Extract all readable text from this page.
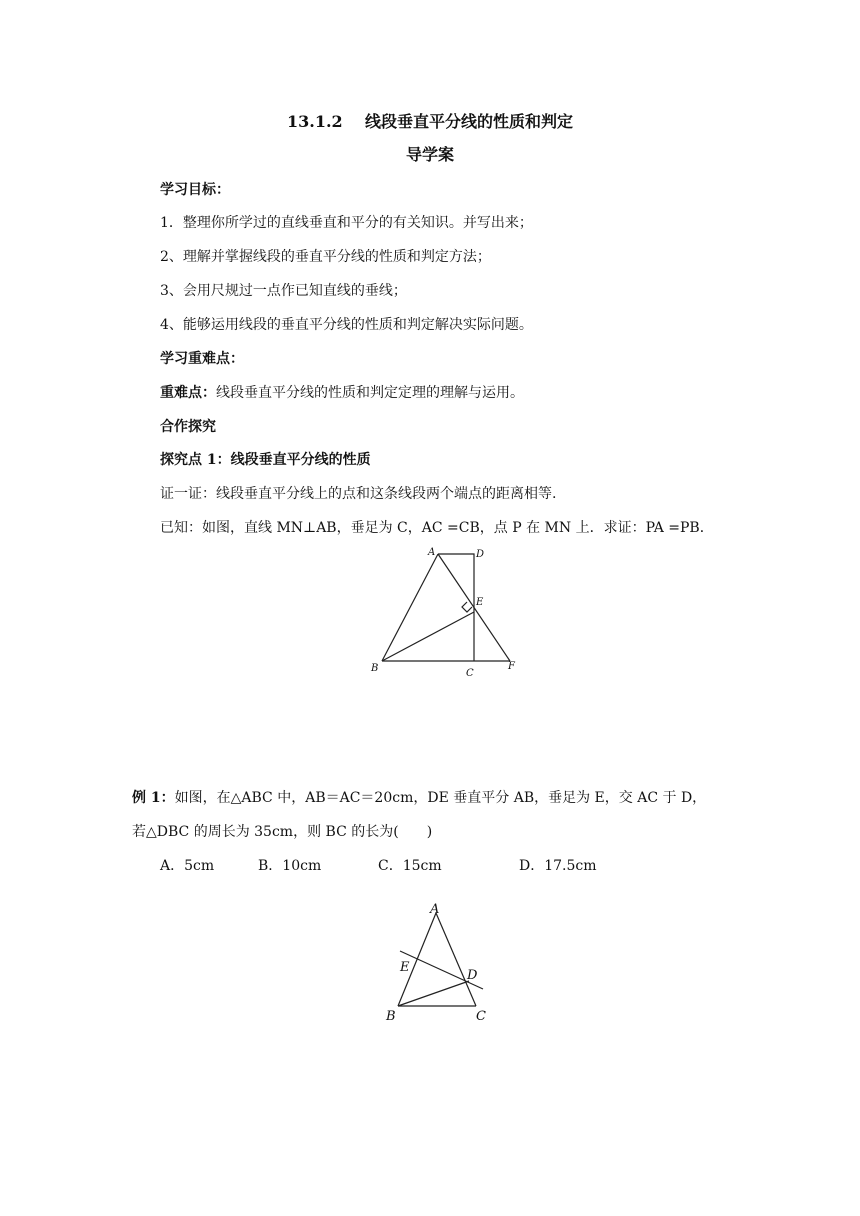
13.1.2 线段垂直平分线的性质和判定
导学案
学习目标：
1．整理你所学过的直线垂直和平分的有关知识。并写出来；
2、理解并掌握线段的垂直平分线的性质和判定方法；
3、会用尺规过一点作已知直线的垂线；
4、能够运用线段的垂直平分线的性质和判定解决实际问题。
学习重难点：
重难点：线段垂直平分线的性质和判定定理的理解与运用。
合作探究
探究点 1：线段垂直平分线的性质
证一证：线段垂直平分线上的点和这条线段两个端点的距离相等.
已知：如图，直线 MN⊥AB，垂足为 C，AC =CB，点 P 在 MN 上．求证：PA =PB．
A	D
E
B	C
F
例 1：如图，在△ABC 中，AB＝AC＝20cm，DE 垂直平分 AB，垂足为 E，交 AC 于 D，
若△DBC 的周长为 35cm，则 BC 的长为(　　)
A．5cm	B．10cm	C．15cm	D．17.5cm
A
E
D
B	C
